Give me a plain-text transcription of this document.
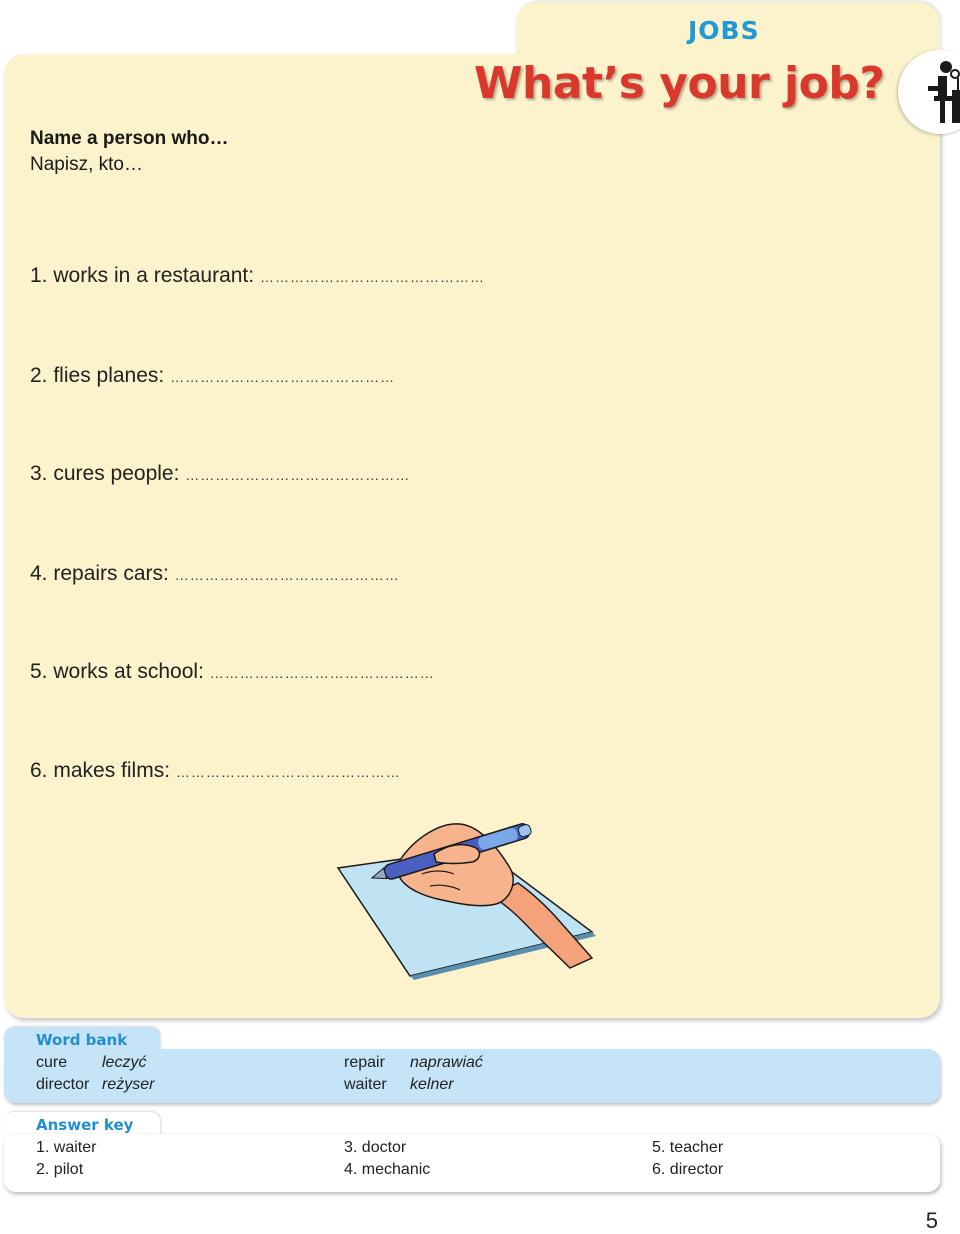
JOBS
What’s your job?
Name a person who…
Napisz, kto…
1. works in a restaurant: ………………………………………
2. flies planes: ………………………………………
3. cures people: ………………………………………
4. repairs cars: ………………………………………
5. works at school: ………………………………………
6. makes films: ………………………………………
Word bank
cure leczyć
director reżyser
repair naprawiać
waiter kelner
Answer key
1. waiter
2. pilot
3. doctor
4. mechanic
5. teacher
6. director
5
